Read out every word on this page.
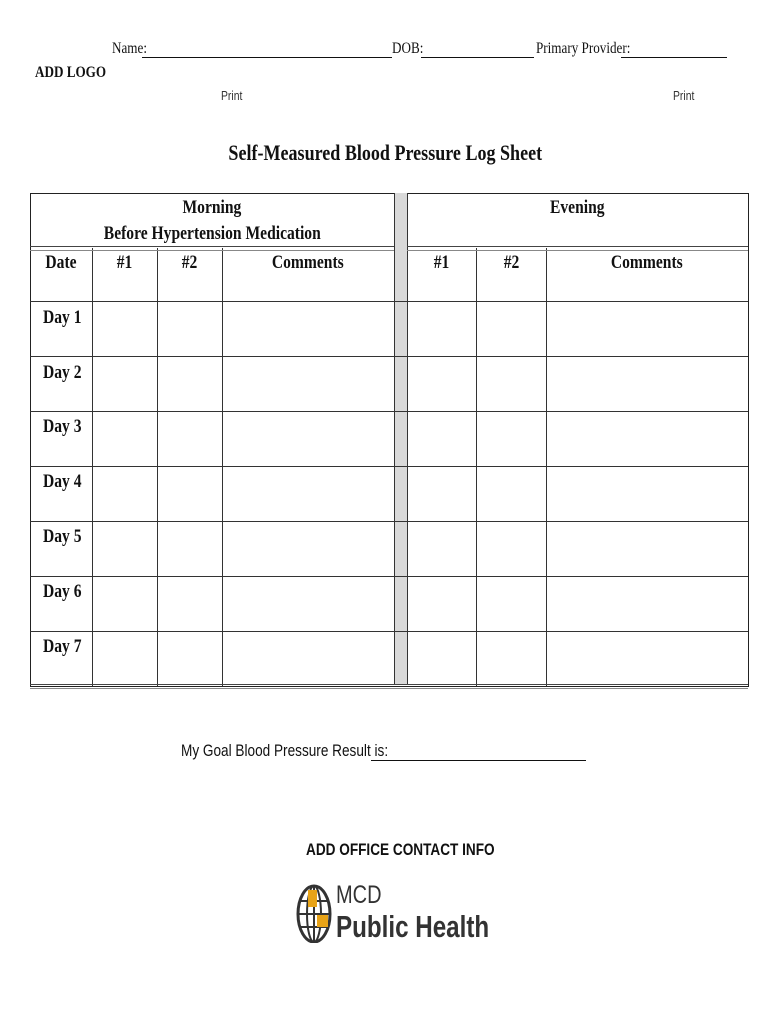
Name:	DOB:	Primary Provider:
ADD LOGO
Print	Print
Self-Measured Blood Pressure Log Sheet
Morning
Before Hypertension Medication
Evening
Date	#1	#2	Comments	#1	#2	Comments
Day 1
Day 2
Day 3
Day 4
Day 5
Day 6
Day 7
My Goal Blood Pressure Result is:
ADD OFFICE CONTACT INFO
MCD
Public Health
